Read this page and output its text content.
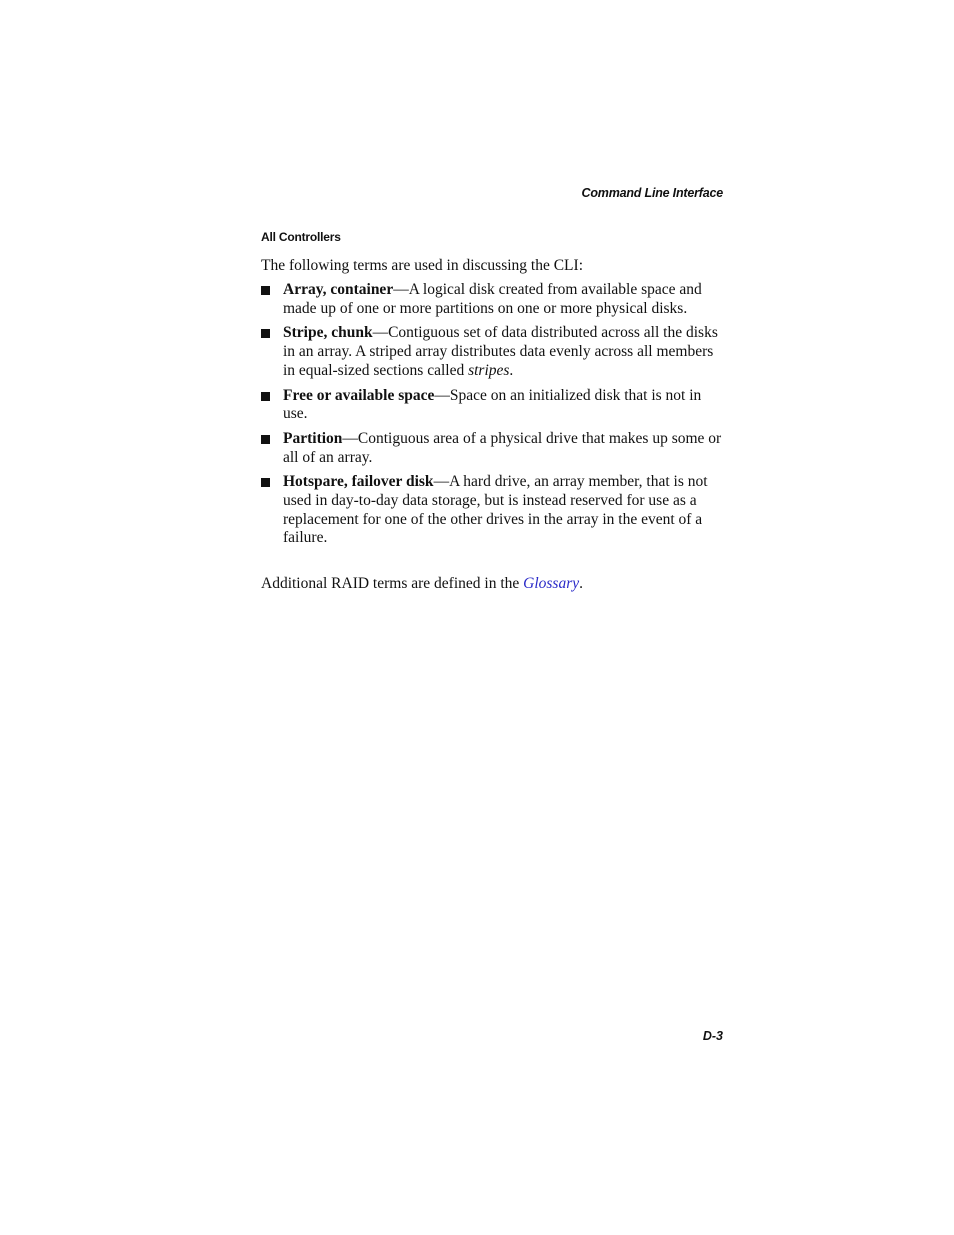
Command Line Interface
All Controllers
The following terms are used in discussing the CLI:
Array, container—A logical disk created from available space and made up of one or more partitions on one or more physical disks.
Stripe, chunk—Contiguous set of data distributed across all the disks in an array. A striped array distributes data evenly across all members in equal-sized sections called stripes.
Free or available space—Space on an initialized disk that is not in use.
Partition—Contiguous area of a physical drive that makes up some or all of an array.
Hotspare, failover disk—A hard drive, an array member, that is not used in day-to-day data storage, but is instead reserved for use as a replacement for one of the other drives in the array in the event of a failure.
Additional RAID terms are defined in the Glossary.
D-3
